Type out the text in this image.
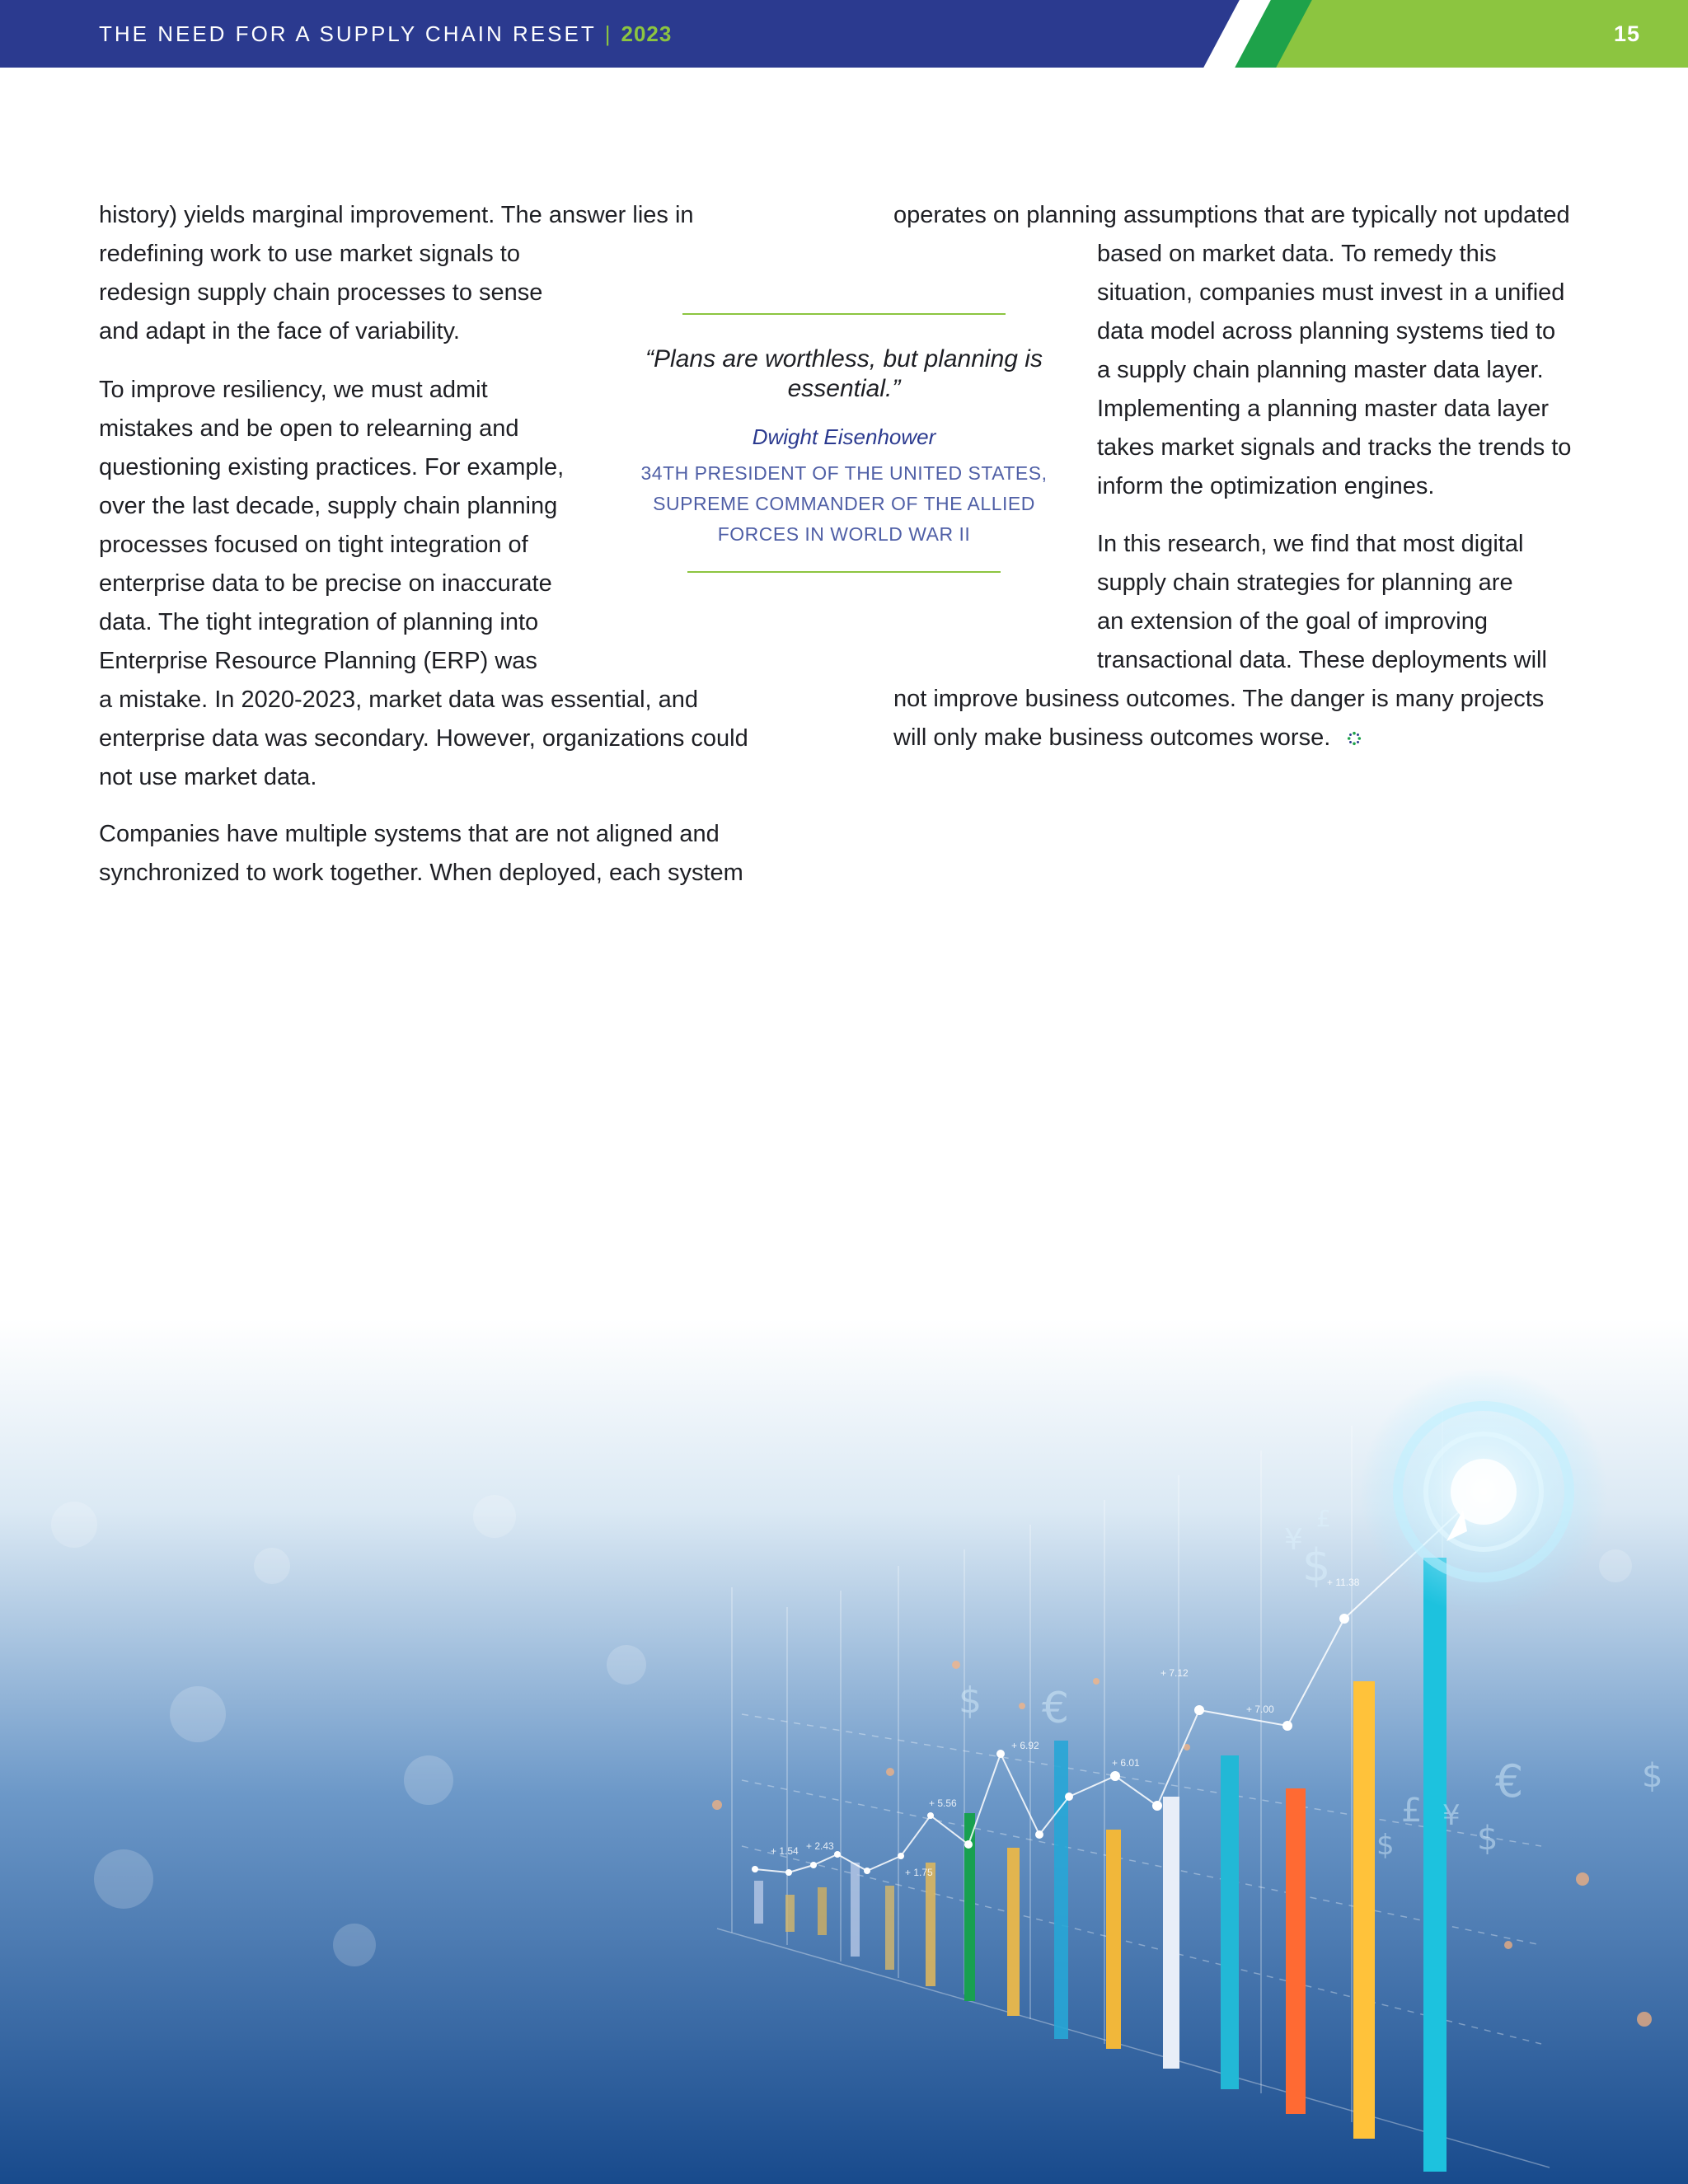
THE NEED FOR A SUPPLY CHAIN RESET | 2023	15
history) yields marginal improvement. The answer lies in
redefining work to use market signals to
redesign supply chain processes to sense
and adapt in the face of variability.
To improve resiliency, we must admit
mistakes and be open to relearning and
questioning existing practices. For example,
over the last decade, supply chain planning
processes focused on tight integration of
enterprise data to be precise on inaccurate
data. The tight integration of planning into
Enterprise Resource Planning (ERP) was
a mistake. In 2020-2023, market data was essential, and
enterprise data was secondary. However, organizations could
not use market data.
Companies have multiple systems that are not aligned and
synchronized to work together. When deployed, each system
“Plans are worthless, but planning is
essential.”
Dwight Eisenhower
34TH PRESIDENT OF THE UNITED STATES,
SUPREME COMMANDER OF THE ALLIED
FORCES IN WORLD WAR II
operates on planning assumptions that are typically not updated
based on market data. To remedy this
situation, companies must invest in a unified
data model across planning systems tied to
a supply chain planning master data layer.
Implementing a planning master data layer
takes market signals and tracks the trends to
inform the optimization engines.
In this research, we find that most digital
supply chain strategies for planning are
an extension of the goal of improving
transactional data. These deployments will
not improve business outcomes. The danger is many projects
will only make business outcomes worse.
+ 1.54 + 2.43
+ 1.75
+ 5.56
+ 6.92
+ 6.01
+ 7.12
+ 7.00
+ 11.38
$
¥
£
$ €
€
£ ¥
$
$
$
